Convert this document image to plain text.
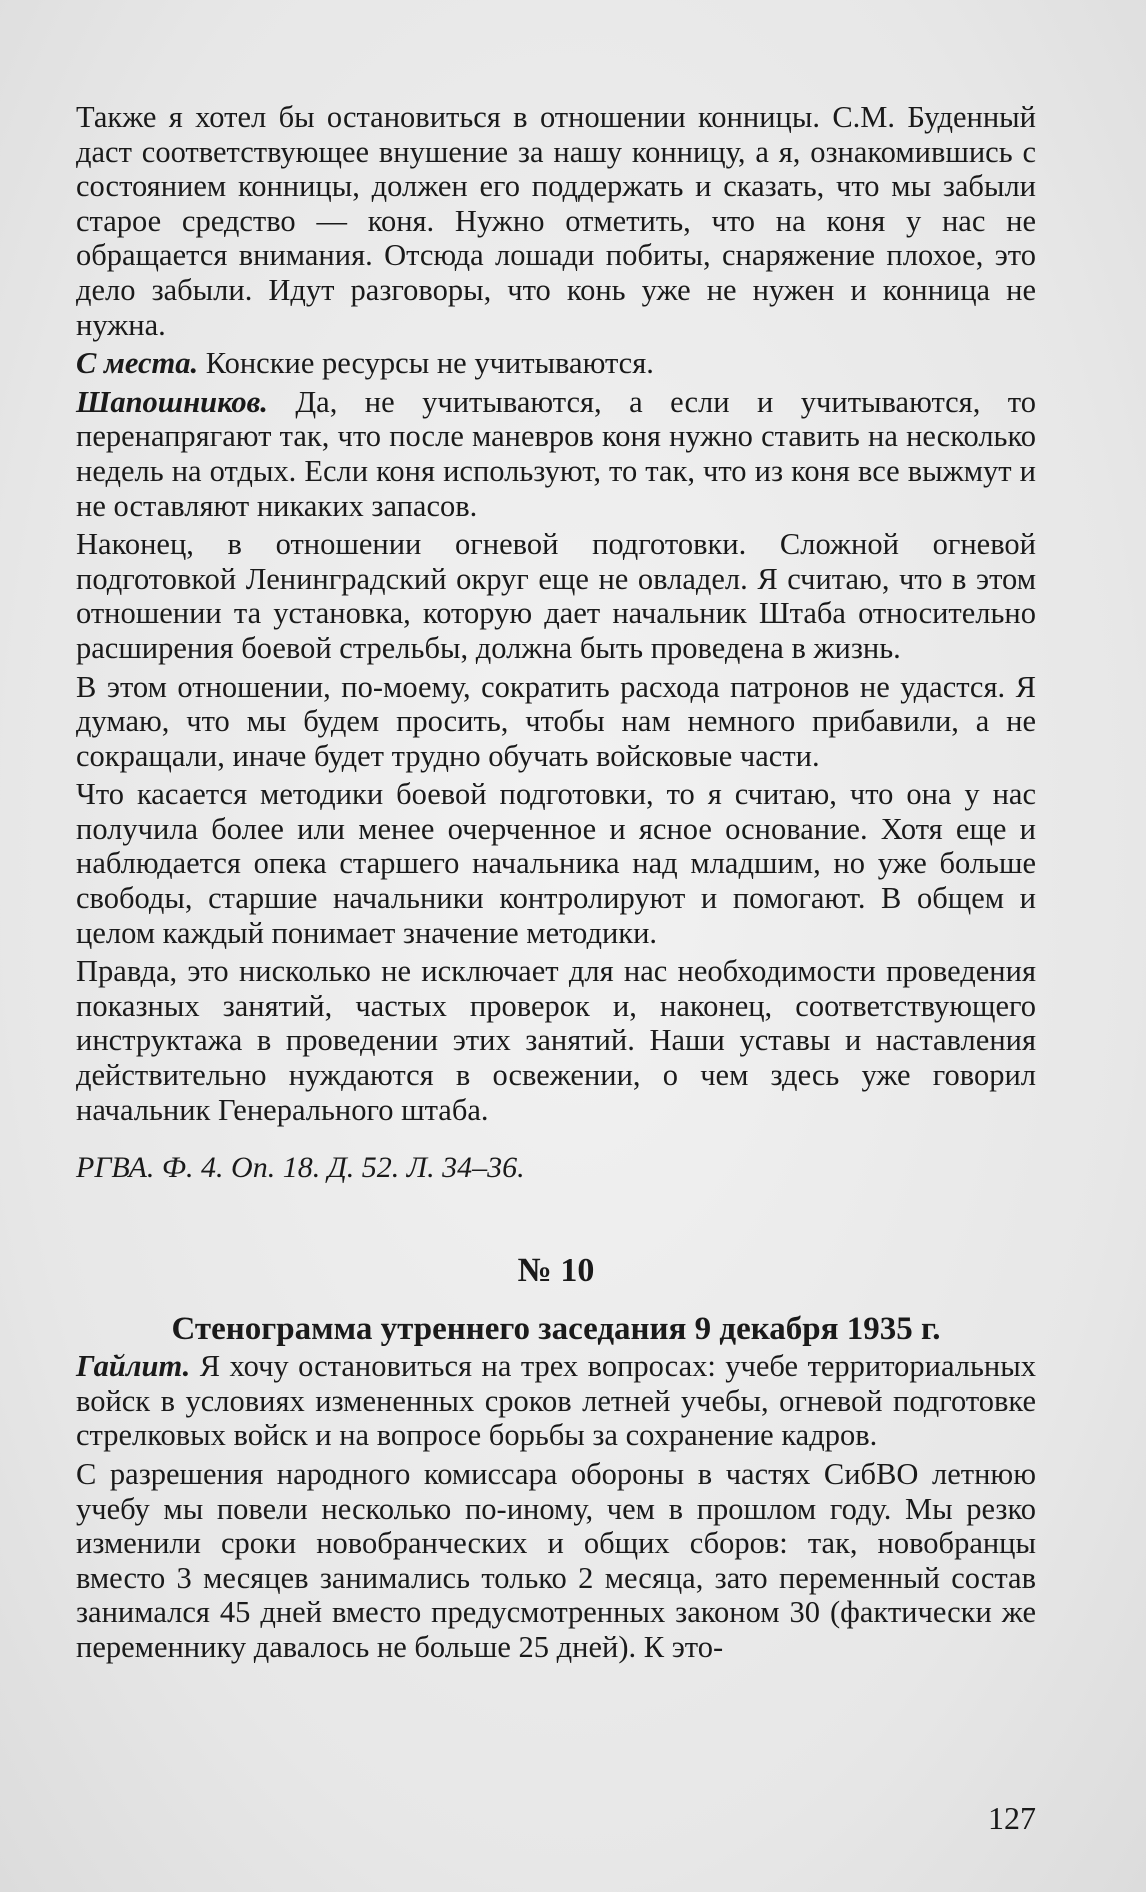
Также я хотел бы остановиться в отношении конницы. С.М. Буденный даст соответствующее внушение за нашу конницу, а я, ознакомившись с состоянием конницы, должен его поддержать и сказать, что мы забыли старое средство — коня. Нужно отметить, что на коня у нас не обращается внимания. Отсюда лошади побиты, снаряжение плохое, это дело забыли. Идут разговоры, что конь уже не нужен и конница не нужна.

С места. Конские ресурсы не учитываются.

Шапошников. Да, не учитываются, а если и учитываются, то перенапрягают так, что после маневров коня нужно ставить на несколько недель на отдых. Если коня используют, то так, что из коня все выжмут и не оставляют никаких запасов.

Наконец, в отношении огневой подготовки. Сложной огневой подготовкой Ленинградский округ еще не овладел. Я считаю, что в этом отношении та установка, которую дает начальник Штаба относительно расширения боевой стрельбы, должна быть проведена в жизнь.

В этом отношении, по-моему, сократить расхода патронов не удастся. Я думаю, что мы будем просить, чтобы нам немного прибавили, а не сокращали, иначе будет трудно обучать войсковые части.

Что касается методики боевой подготовки, то я считаю, что она у нас получила более или менее очерченное и ясное основание. Хотя еще и наблюдается опека старшего начальника над младшим, но уже больше свободы, старшие начальники контролируют и помогают. В общем и целом каждый понимает значение методики.

Правда, это нисколько не исключает для нас необходимости проведения показных занятий, частых проверок и, наконец, соответствующего инструктажа в проведении этих занятий. Наши уставы и наставления действительно нуждаются в освежении, о чем здесь уже говорил начальник Генерального штаба.

РГВА. Ф. 4. Оп. 18. Д. 52. Л. 34–36.

№ 10
Стенограмма утреннего заседания 9 декабря 1935 г.

Гайлит. Я хочу остановиться на трех вопросах: учебе территориальных войск в условиях измененных сроков летней учебы, огневой подготовке стрелковых войск и на вопросе борьбы за сохранение кадров.

С разрешения народного комиссара обороны в частях СибВО летнюю учебу мы повели несколько по-иному, чем в прошлом году. Мы резко изменили сроки новобранческих и общих сборов: так, новобранцы вместо 3 месяцев занимались только 2 месяца, зато переменный состав занимался 45 дней вместо предусмотренных законом 30 (фактически же переменнику давалось не больше 25 дней). К это-

127
